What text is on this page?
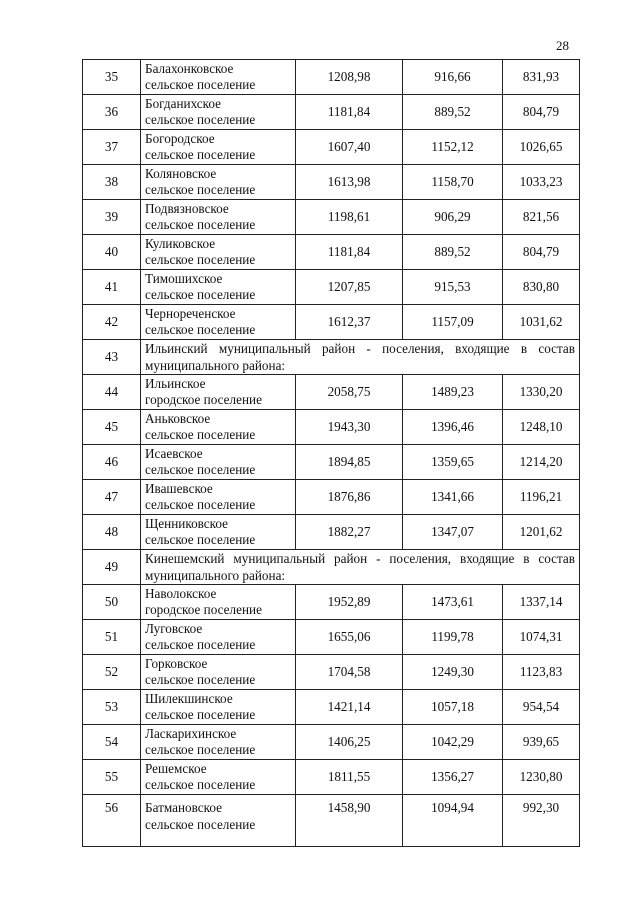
28
35	Балахонковское
сельское поселение	1208,98	916,66	831,93
36	Богданихское
сельское поселение	1181,84	889,52	804,79
37	Богородское
сельское поселение	1607,40	1152,12	1026,65
38	Коляновское
сельское поселение	1613,98	1158,70	1033,23
39	Подвязновское
сельское поселение	1198,61	906,29	821,56
40	Куликовское
сельское поселение	1181,84	889,52	804,79
41	Тимошихское
сельское поселение	1207,85	915,53	830,80
42	Чернореченское
сельское поселение	1612,37	1157,09	1031,62
43	Ильинский муниципальный район - поселения, входящие в состав муниципального района:			
44	Ильинское
городское поселение	2058,75	1489,23	1330,20
45	Аньковское
сельское поселение	1943,30	1396,46	1248,10
46	Исаевское
сельское поселение	1894,85	1359,65	1214,20
47	Ивашевское
сельское поселение	1876,86	1341,66	1196,21
48	Щенниковское
сельское поселение	1882,27	1347,07	1201,62
49	Кинешемский муниципальный район - поселения, входящие в состав муниципального района:			
50	Наволокское
городское поселение	1952,89	1473,61	1337,14
51	Луговское
сельское поселение	1655,06	1199,78	1074,31
52	Горковское
сельское поселение	1704,58	1249,30	1123,83
53	Шилекшинское
сельское поселение	1421,14	1057,18	954,54
54	Ласкарихинское
сельское поселение	1406,25	1042,29	939,65
55	Решемское
сельское поселение	1811,55	1356,27	1230,80
56	Батмановское
сельское поселение	1458,90	1094,94	992,30
